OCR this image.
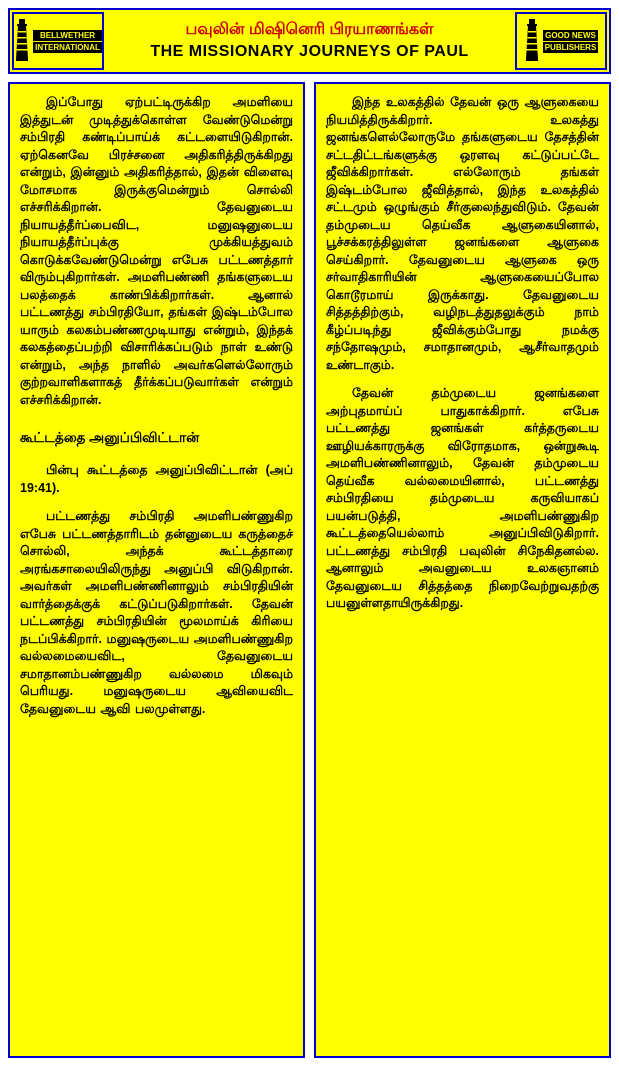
BELLWETHER
INTERNATIONAL
பவுலின் மிஷினெரி பிரயாணங்கள்
THE MISSIONARY JOURNEYS OF PAUL
GOOD NEWS
PUBLISHERS

இப்போது ஏற்பட்டிருக்கிற அமளியை இத்துடன் முடித்துக்கொள்ள வேண்டுமென்று சம்பிரதி கண்டிப்பாய்க் கட்டளையிடுகிறான். ஏற்கெனவே பிரச்சனை அதிகரித்திருக்கிறது என்றும், இன்னும் அதிகரித்தால், இதன் விளைவு மோசமாக இருக்குமென்றும் சொல்லி எச்சரிக்கிறான். தேவனுடைய நியாயத்தீர்ப்பைவிட, மனுஷனுடைய நியாயத்தீர்ப்புக்கு முக்கியத்துவம் கொடுக்கவேண்டுமென்று எபேசு பட்டணத்தார் விரும்புகிறார்கள். அமளிபண்ணி தங்களுடைய பலத்தைக் காண்பிக்கிறார்கள். ஆனால் பட்டணத்து சம்பிரதியோ, தங்கள் இஷ்டம்போல யாரும் கலகம்பண்ணமுடியாது என்றும், இந்தக் கலகத்தைப்பற்றி விசாரிக்கப்படும் நாள் உண்டு என்றும், அந்த நாளில் அவர்களெல்லோரும் குற்றவாளிகளாகத் தீர்க்கப்படுவார்கள் என்றும் எச்சரிக்கிறான்.

கூட்டத்தை அனுப்பிவிட்டான்

பின்பு கூட்டத்தை அனுப்பிவிட்டான் (அப் 19:41).

பட்டணத்து சம்பிரதி அமளிபண்ணுகிற எபேசு பட்டணத்தாரிடம் தன்னுடைய கருத்தைச் சொல்லி, அந்தக் கூட்டத்தாரை அரங்கசாலையிலிருந்து அனுப்பி விடுகிறான். அவர்கள் அமளிபண்ணினாலும் சம்பிரதியின் வார்த்தைக்குக் கட்டுப்படுகிறார்கள். தேவன் பட்டணத்து சம்பிரதியின் மூலமாய்க் கிரியை நடப்பிக்கிறார். மனுஷருடைய அமளிபண்ணுகிற வல்லமையைவிட, தேவனுடைய சமாதானம்பண்ணுகிற வல்லமை மிகவும் பெரியது. மனுஷருடைய ஆவியைவிட தேவனுடைய ஆவி பலமுள்ளது.

இந்த உலகத்தில் தேவன் ஒரு ஆளுகையை நியமித்திருக்கிறார். உலகத்து ஜனங்களெல்லோருமே தங்களுடைய தேசத்தின் சட்டதிட்டங்களுக்கு ஒரளவு கட்டுப்பட்டே ஜீவிக்கிறார்கள். எல்லோரும் தங்கள் இஷ்டம்போல ஜீவித்தால், இந்த உலகத்தில் சட்டமும் ஒழுங்கும் சீர்குலைந்துவிடும். தேவன் தம்முடைய தெய்வீக ஆளுகையினால், பூச்சக்கரத்திலுள்ள ஜனங்களை ஆளுகை செய்கிறார். தேவனுடைய ஆளுகை ஒரு சர்வாதிகாரியின் ஆளுகையைப்போல கொடூரமாய் இருக்காது. தேவனுடைய சித்தத்திற்கும், வழிநடத்துதலுக்கும் நாம் கீழ்ப்படிந்து ஜீவிக்கும்போது நமக்கு சந்தோஷமும், சமாதானமும், ஆசீர்வாதமும் உண்டாகும்.

தேவன் தம்முடைய ஜனங்களை அற்புதமாய்ப் பாதுகாக்கிறார். எபேசு பட்டணத்து ஜனங்கள் கர்த்தருடைய ஊழியக்காரருக்கு விரோதமாக, ஒன்றுகூடி அமளிபண்ணினாலும், தேவன் தம்முடைய தெய்வீக வல்லமையினால், பட்டணத்து சம்பிரதியை தம்முடைய கருவியாகப் பயன்படுத்தி, அமளிபண்ணுகிற கூட்டத்தையெல்லாம் அனுப்பிவிடுகிறார். பட்டணத்து சம்பிரதி பவுலின் சிநேகிதனல்ல. ஆனாலும் அவனுடைய உலகஞானம் தேவனுடைய சித்தத்தை நிறைவேற்றுவதற்கு பயனுள்ளதாயிருக்கிறது.
